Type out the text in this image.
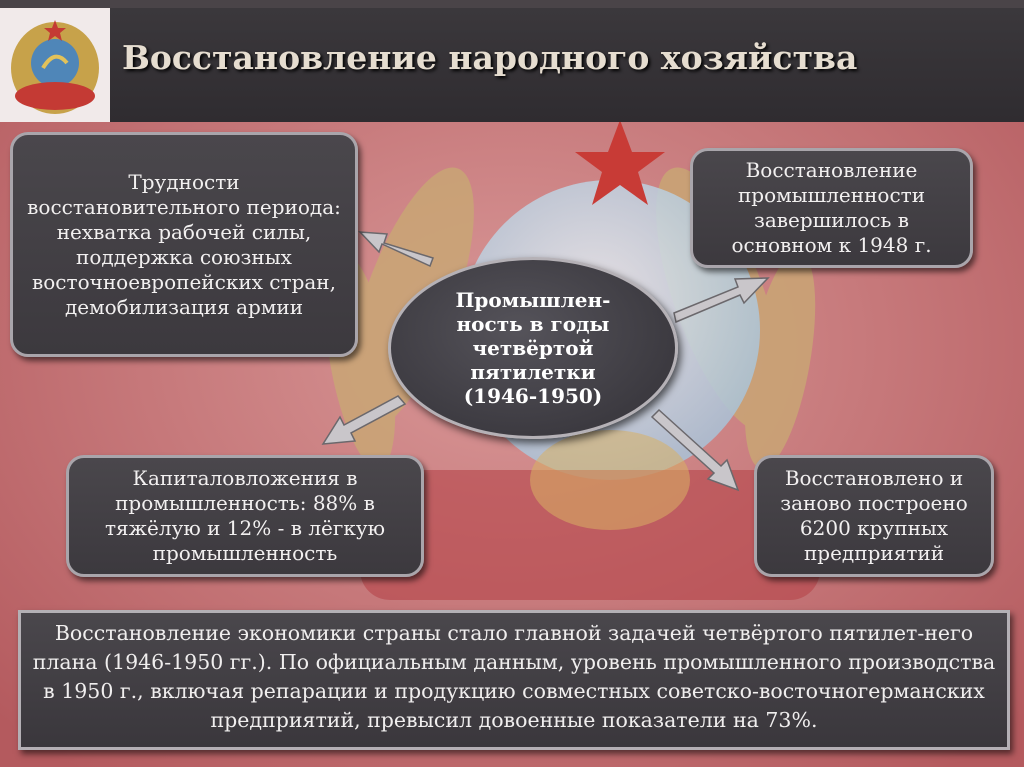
Восстановление народного хозяйства
Трудности восстановительного периода: нехватка рабочей силы, поддержка союзных восточноевропейских стран, демобилизация армии
Восстановление промышленности завершилось в основном к 1948 г.
Капиталовложения в промышленность: 88% в тяжёлую и 12% - в лёгкую промышленность
Восстановлено и заново построено 6200 крупных предприятий
Промышлен-ность в годы четвёртой пятилетки (1946-1950)
Восстановление экономики страны стало главной задачей четвёртого пятилет-него плана (1946-1950 гг.). По официальным данным, уровень промышленного производства в 1950 г., включая репарации и продукцию совместных советско-восточногерманских предприятий, превысил довоенные показатели на 73%.
